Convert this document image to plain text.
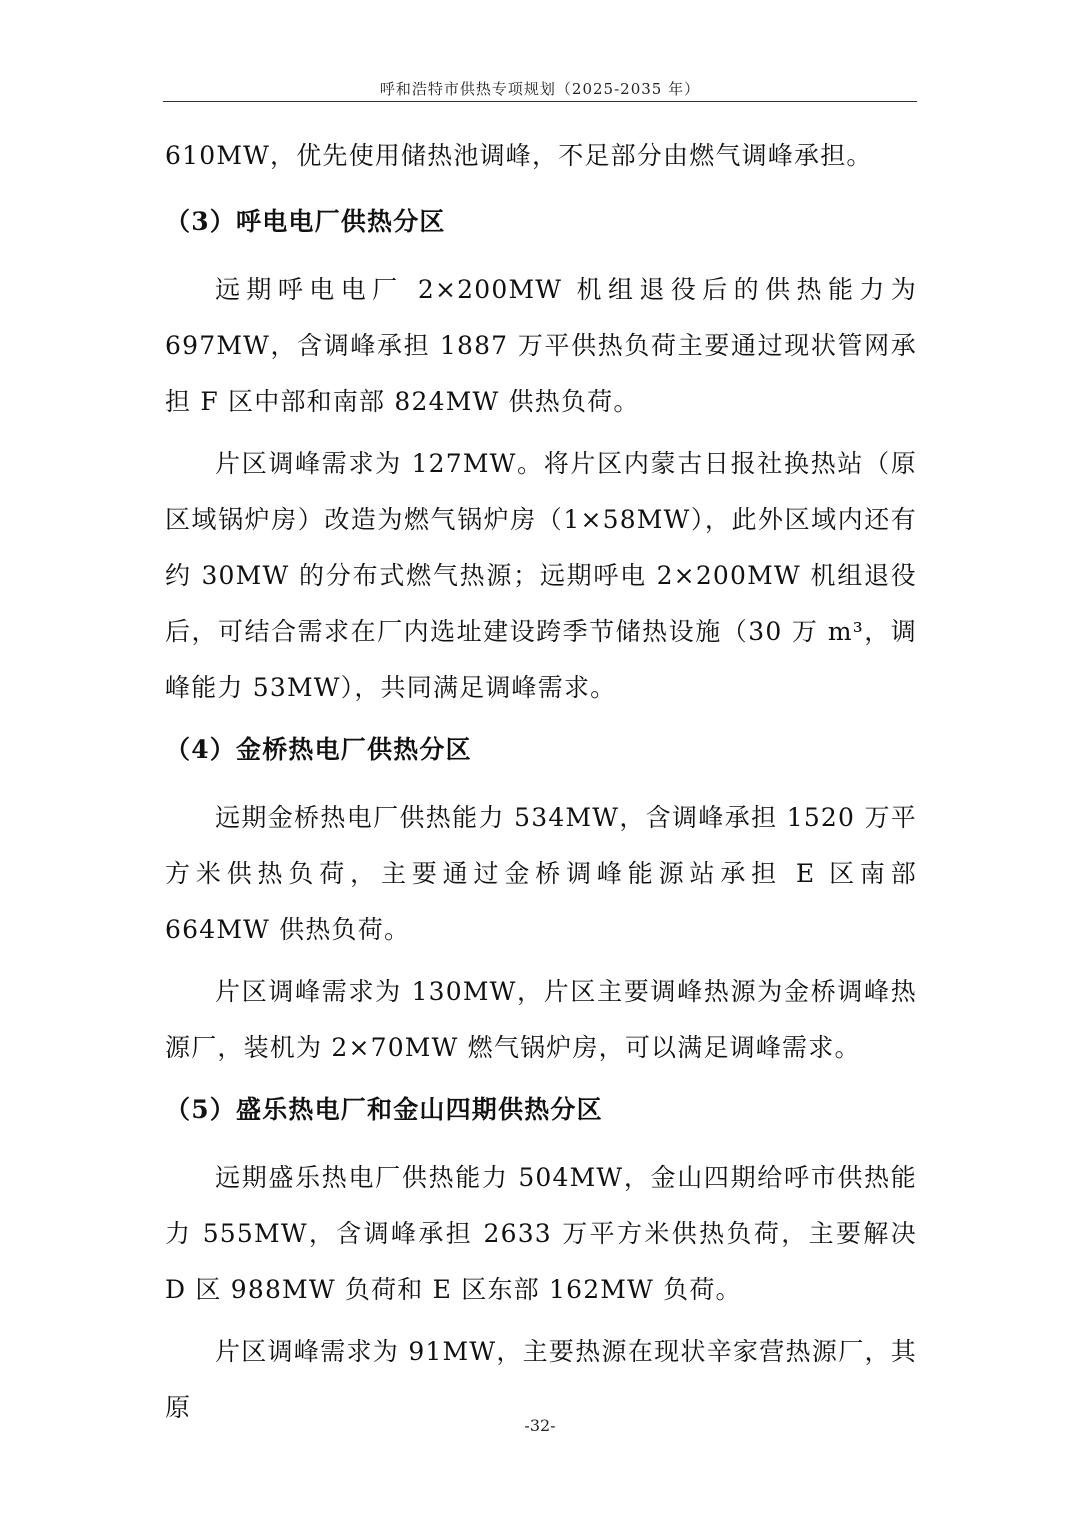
呼和浩特市供热专项规划（2025-2035 年）

610MW，优先使用储热池调峰，不足部分由燃气调峰承担。

（3）呼电电厂供热分区

远期呼电电厂 2×200MW 机组退役后的供热能力为 697MW，含调峰承担 1887 万平供热负荷主要通过现状管网承担 F 区中部和南部 824MW 供热负荷。

片区调峰需求为 127MW。将片区内蒙古日报社换热站（原区域锅炉房）改造为燃气锅炉房（1×58MW），此外区域内还有约 30MW 的分布式燃气热源；远期呼电 2×200MW 机组退役后，可结合需求在厂内选址建设跨季节储热设施（30 万 m³，调峰能力 53MW），共同满足调峰需求。

（4）金桥热电厂供热分区

远期金桥热电厂供热能力 534MW，含调峰承担 1520 万平方米供热负荷，主要通过金桥调峰能源站承担 E 区南部 664MW 供热负荷。

片区调峰需求为 130MW，片区主要调峰热源为金桥调峰热源厂，装机为 2×70MW 燃气锅炉房，可以满足调峰需求。

（5）盛乐热电厂和金山四期供热分区

远期盛乐热电厂供热能力 504MW，金山四期给呼市供热能力 555MW，含调峰承担 2633 万平方米供热负荷，主要解决 D 区 988MW 负荷和 E 区东部 162MW 负荷。

片区调峰需求为 91MW，主要热源在现状辛家营热源厂，其原

-32-
